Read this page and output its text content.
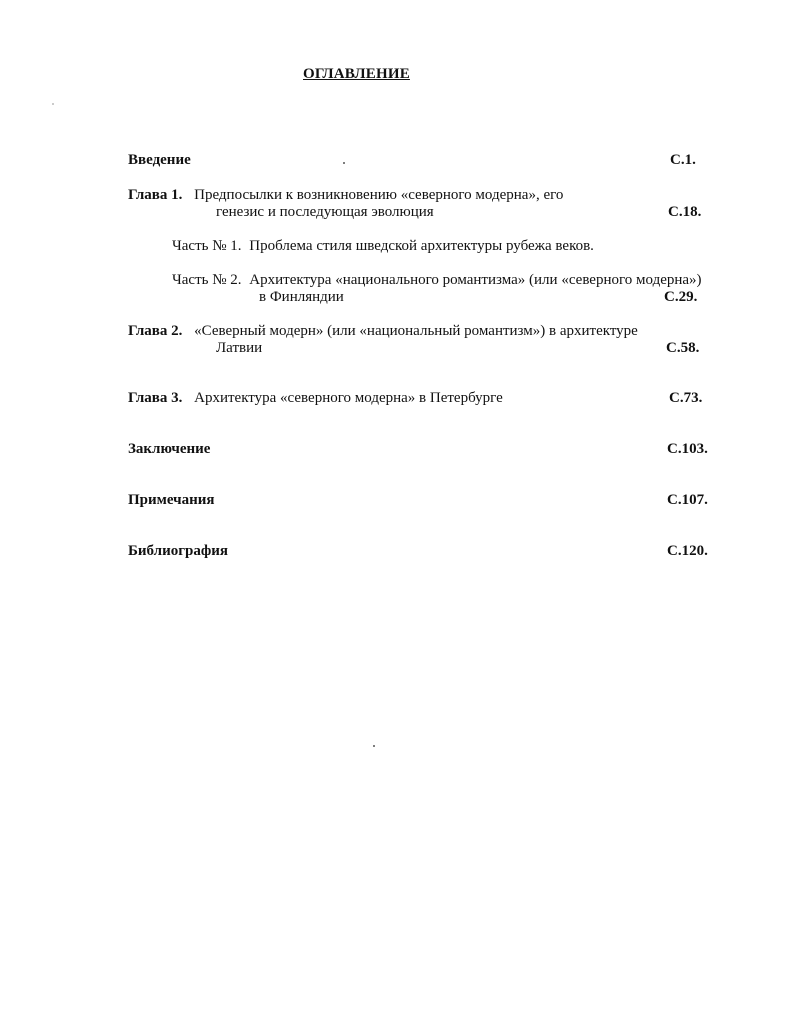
ОГЛАВЛЕНИЕ
Введение	С.1.
Глава 1. Предпосылки к возникновению «северного модерна», его
генезис и последующая эволюция	С.18.
Часть № 1. Проблема стиля шведской архитектуры рубежа веков.
Часть № 2. Архитектура «национального романтизма» (или «северного модерна»)
в Финляндии	С.29.
Глава 2. «Северный модерн» (или «национальный романтизм») в архитектуре
Латвии	С.58.
Глава 3. Архитектура «северного модерна» в Петербурге	С.73.
Заключение	С.103.
Примечания	С.107.
Библиография	С.120.
